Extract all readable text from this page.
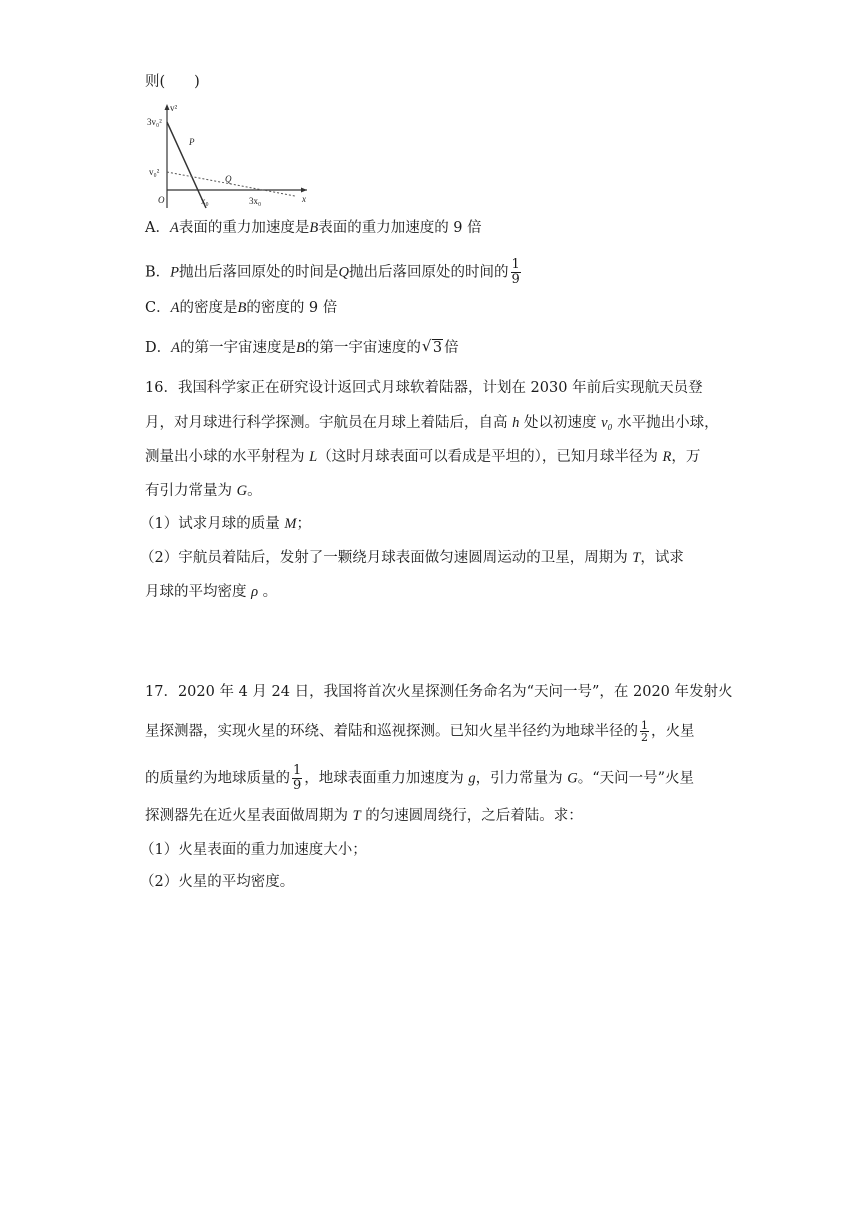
则(　　)
v²
3v₀²
v₀²
O	x₀	3x₀	x
P
Q
A．A表面的重力加速度是B表面的重力加速度的 9 倍
B．P抛出后落回原处的时间是Q抛出后落回原处的时间的 $\frac{1}{9}$
C．A的密度是B的密度的 9 倍
D．A的第一宇宙速度是B的第一宇宙速度的 √ 3 倍
16．我国科学家正在研究设计返回式月球软着陆器，计划在 2030 年前后实现航天员登
月，对月球进行科学探测。宇航员在月球上着陆后，自高 h 处以初速度 v₀ 水平抛出小球，
测量出小球的水平射程为 L（这时月球表面可以看成是平坦的），已知月球半径为 R，万
有引力常量为 G。
（1）试求月球的质量 M；
（2）宇航员着陆后，发射了一颗绕月球表面做匀速圆周运动的卫星，周期为 T，试求
月球的平均密度 ρ 。
17．2020 年 4 月 24 日，我国将首次火星探测任务命名为“天问一号”，在 2020 年发射火
星探测器，实现火星的环绕、着陆和巡视探测。已知火星半径约为地球半径的 $\frac{1}{2}$ ，火星
的质量约为地球质量的 $\frac{1}{9}$ ，地球表面重力加速度为 g，引力常量为 G。“天问一号”火星
探测器先在近火星表面做周期为 T 的匀速圆周绕行，之后着陆。求：
（1）火星表面的重力加速度大小；
（2）火星的平均密度。
